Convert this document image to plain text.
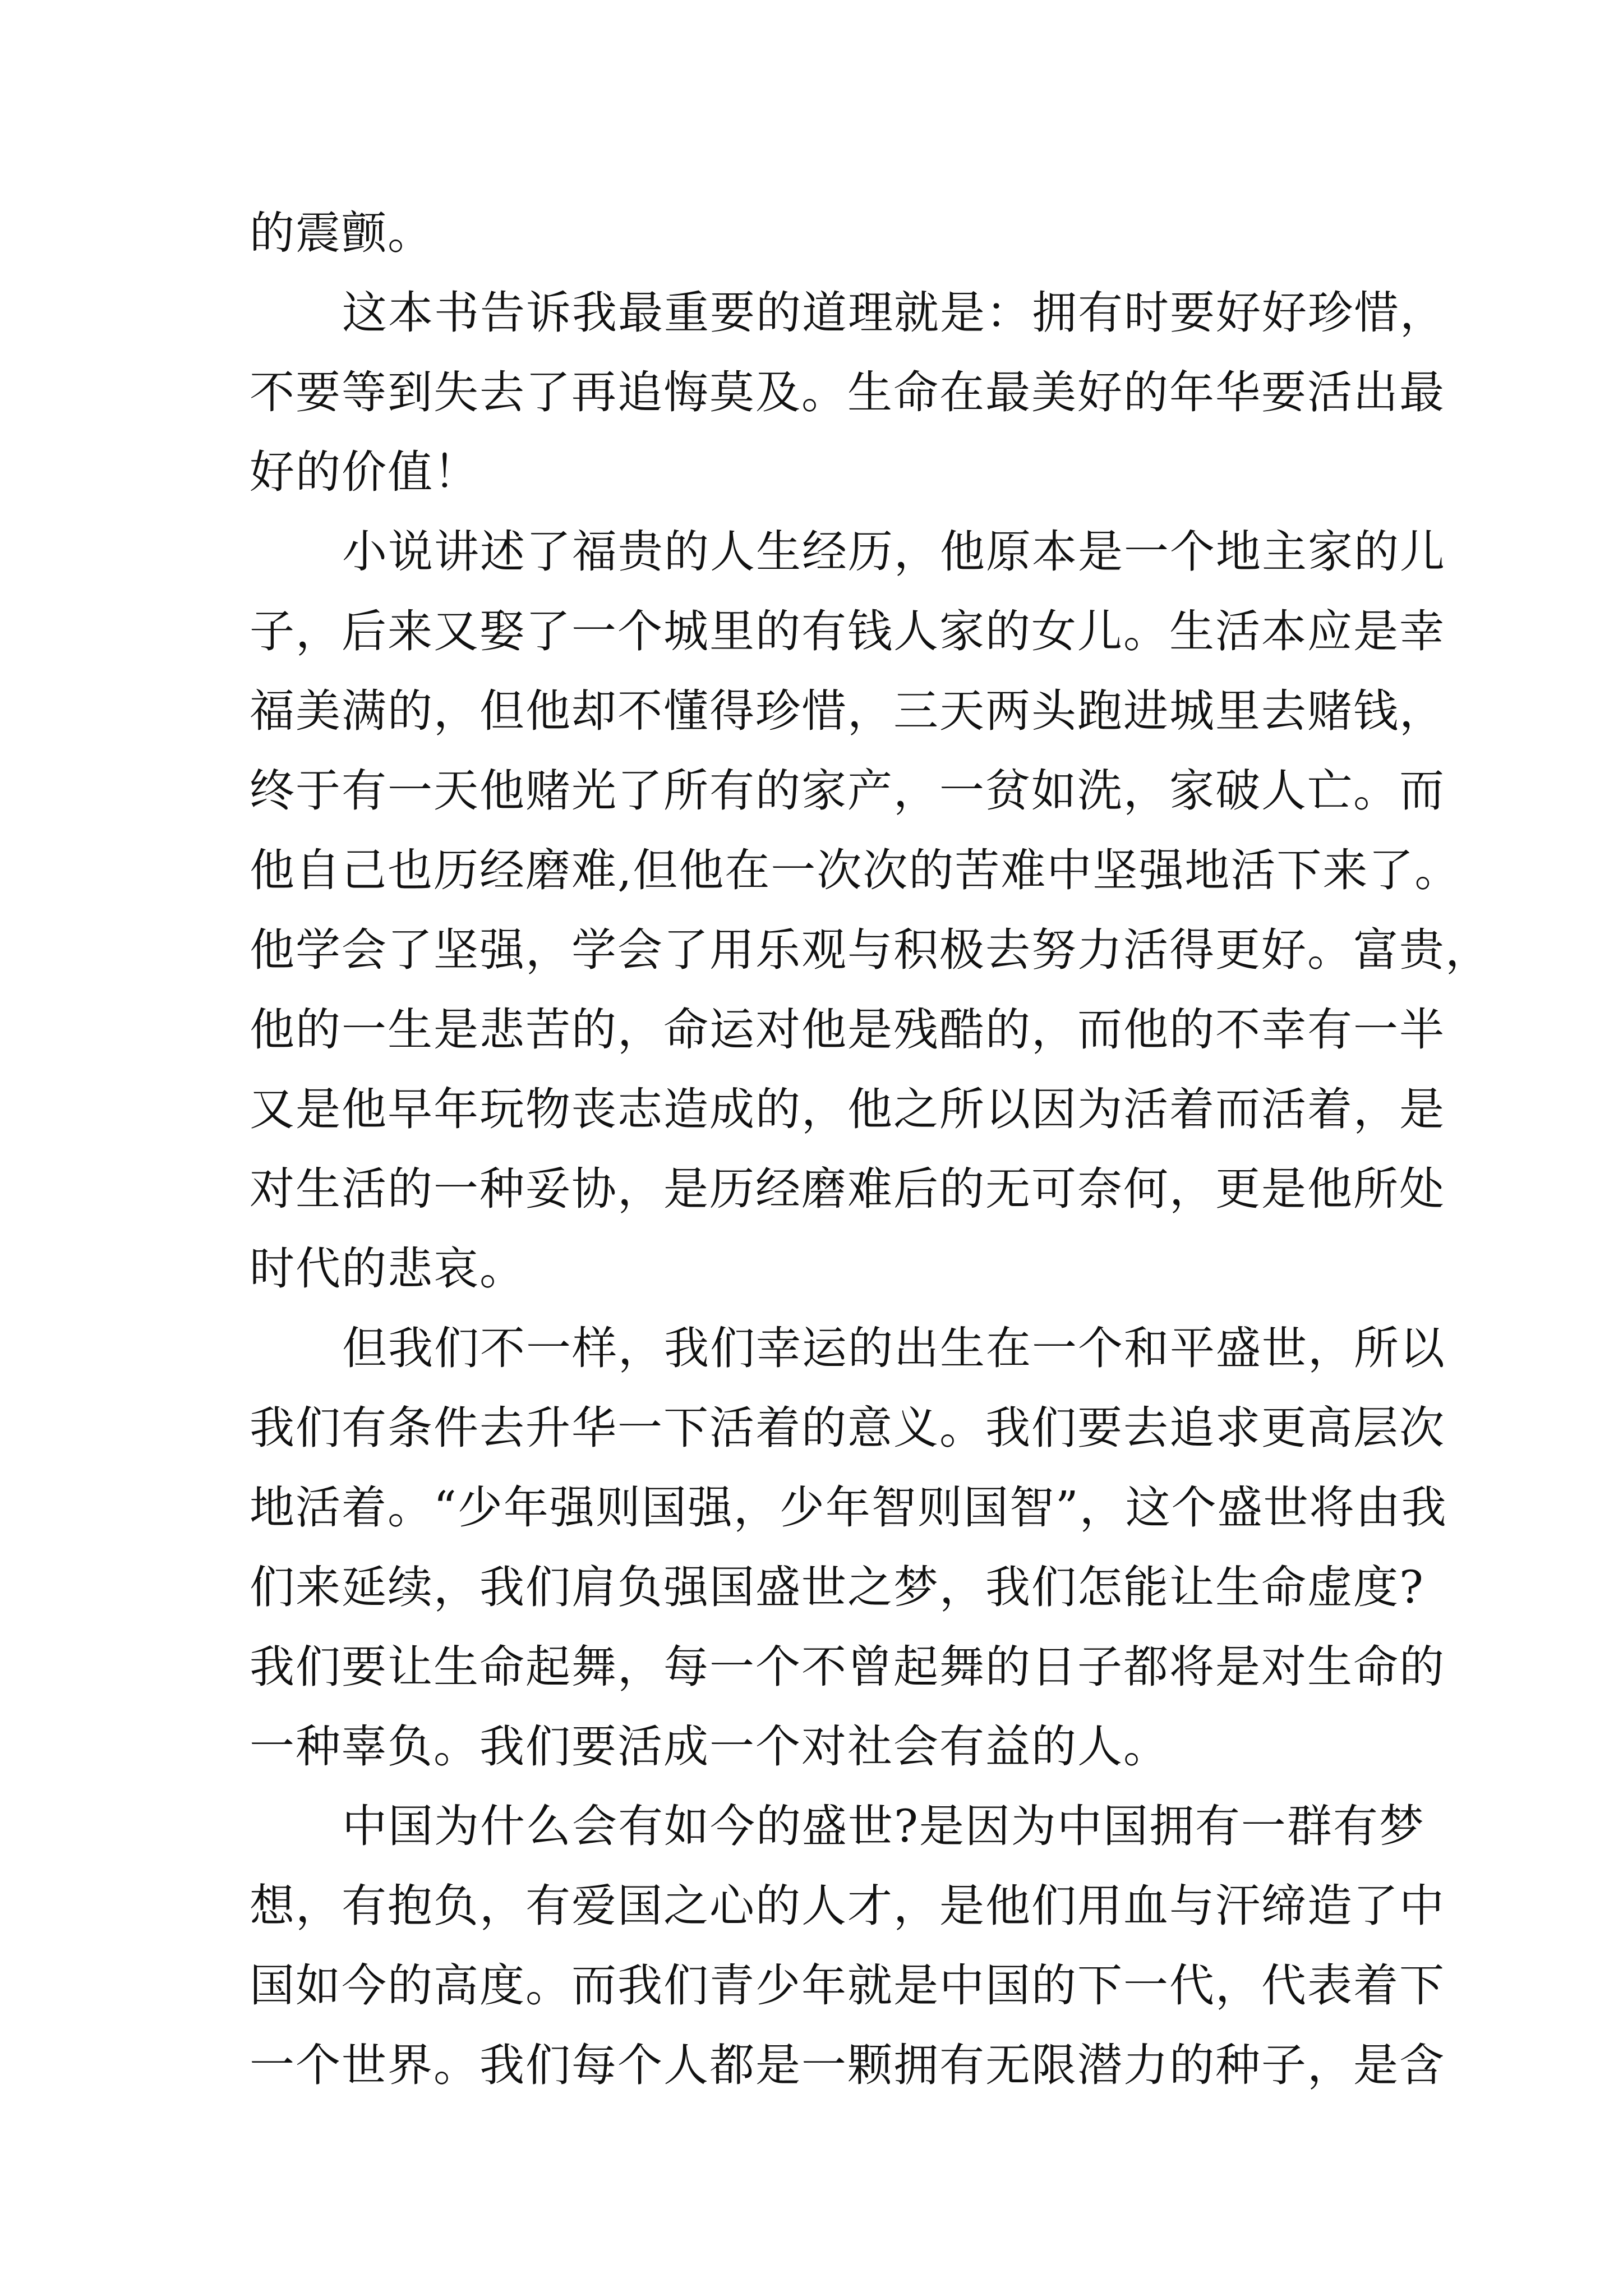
的震颤。
这本书告诉我最重要的道理就是：拥有时要好好珍惜，
不要等到失去了再追悔莫及。生命在最美好的年华要活出最
好的价值！
小说讲述了福贵的人生经历，他原本是一个地主家的儿
子，后来又娶了一个城里的有钱人家的女儿。生活本应是幸
福美满的，但他却不懂得珍惜，三天两头跑进城里去赌钱，
终于有一天他赌光了所有的家产，一贫如洗，家破人亡。而
他自己也历经磨难,但他在一次次的苦难中坚强地活下来了。
他学会了坚强，学会了用乐观与积极去努力活得更好。富贵，
他的一生是悲苦的，命运对他是残酷的，而他的不幸有一半
又是他早年玩物丧志造成的，他之所以因为活着而活着，是
对生活的一种妥协，是历经磨难后的无可奈何，更是他所处
时代的悲哀。
但我们不一样，我们幸运的出生在一个和平盛世，所以
我们有条件去升华一下活着的意义。我们要去追求更高层次
地活着。“少年强则国强，少年智则国智”，这个盛世将由我
们来延续，我们肩负强国盛世之梦，我们怎能让生命虚度?
我们要让生命起舞，每一个不曾起舞的日子都将是对生命的
一种辜负。我们要活成一个对社会有益的人。
中国为什么会有如今的盛世?是因为中国拥有一群有梦
想，有抱负，有爱国之心的人才，是他们用血与汗缔造了中
国如今的高度。而我们青少年就是中国的下一代，代表着下
一个世界。我们每个人都是一颗拥有无限潜力的种子，是含
